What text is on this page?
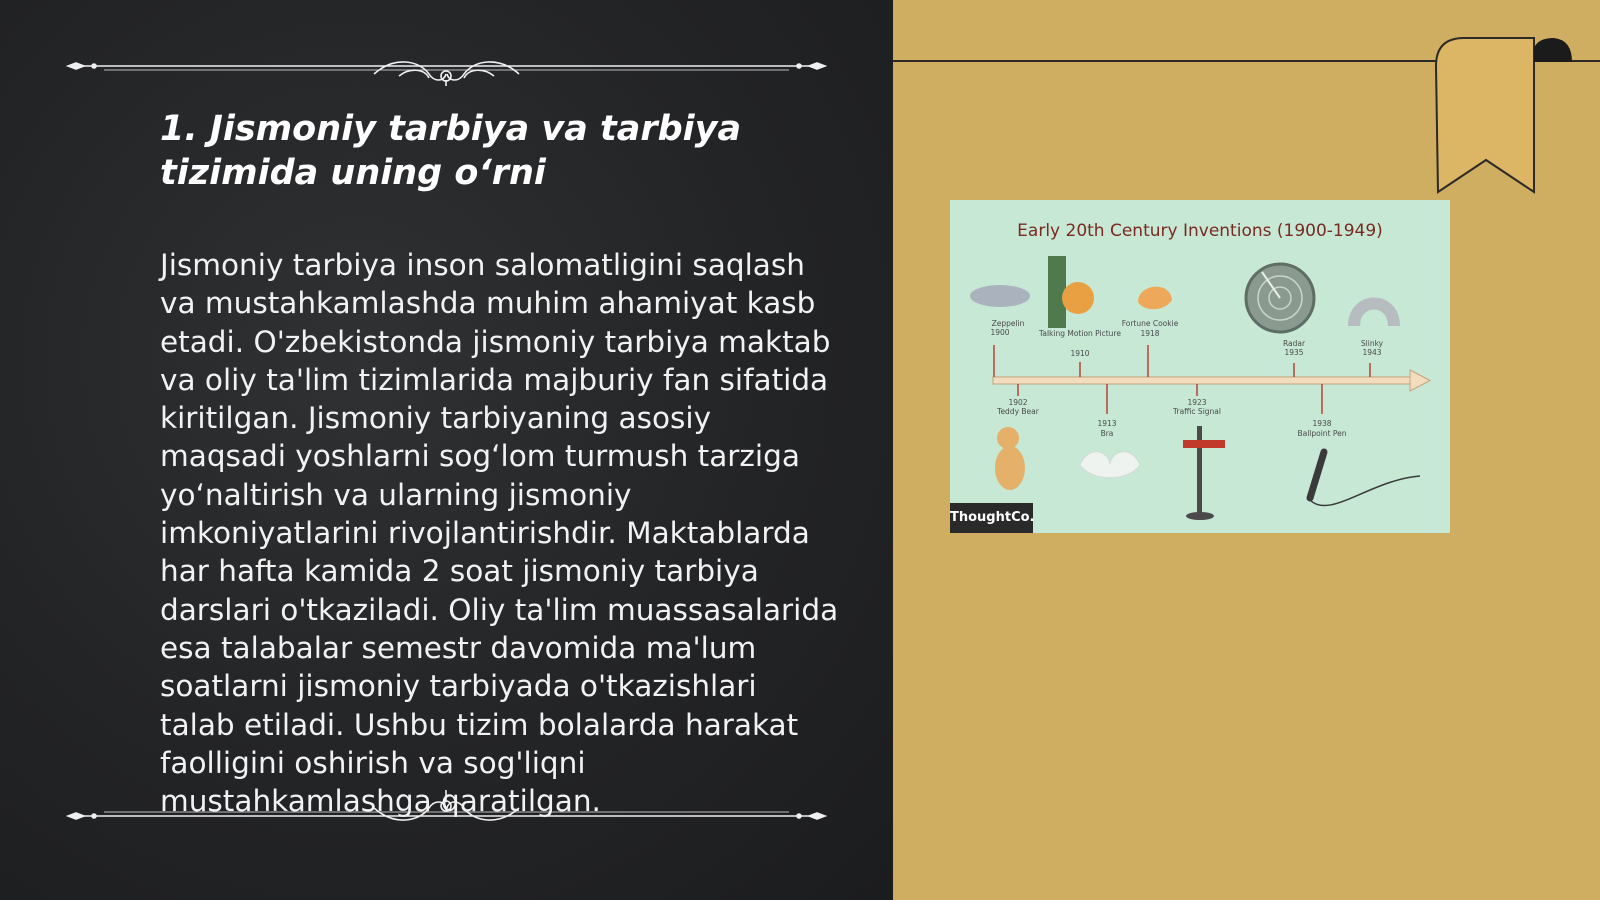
1. Jismoniy tarbiya va tarbiya tizimida uning o‘rni

Jismoniy tarbiya inson salomatligini saqlash va mustahkamlashda muhim ahamiyat kasb etadi. O'zbekistonda jismoniy tarbiya maktab va oliy ta'lim tizimlarida majburiy fan sifatida kiritilgan. Jismoniy tarbiyaning asosiy maqsadi yoshlarni sog‘lom turmush tarziga yo‘naltirish va ularning jismoniy imkoniyatlarini rivojlantirishdir. Maktablarda har hafta kamida 2 soat jismoniy tarbiya darslari o'tkaziladi. Oliy ta'lim muassasalarida esa talabalar semestr davomida ma'lum soatlarni jismoniy tarbiyada o'tkazishlari talab etiladi. Ushbu tizim bolalarda harakat faolligini oshirish va sog'liqni mustahkamlashga qaratilgan.

Early 20th Century Inventions (1900-1949)
Zeppelin
1900	Talking Motion Picture
1910
Fortune Cookie
1918
Radar
1935
Slinky
1943
1902
Teddy Bear
1913
Bra
1923
Traffic Signal
1938
Ballpoint Pen
ThoughtCo.
